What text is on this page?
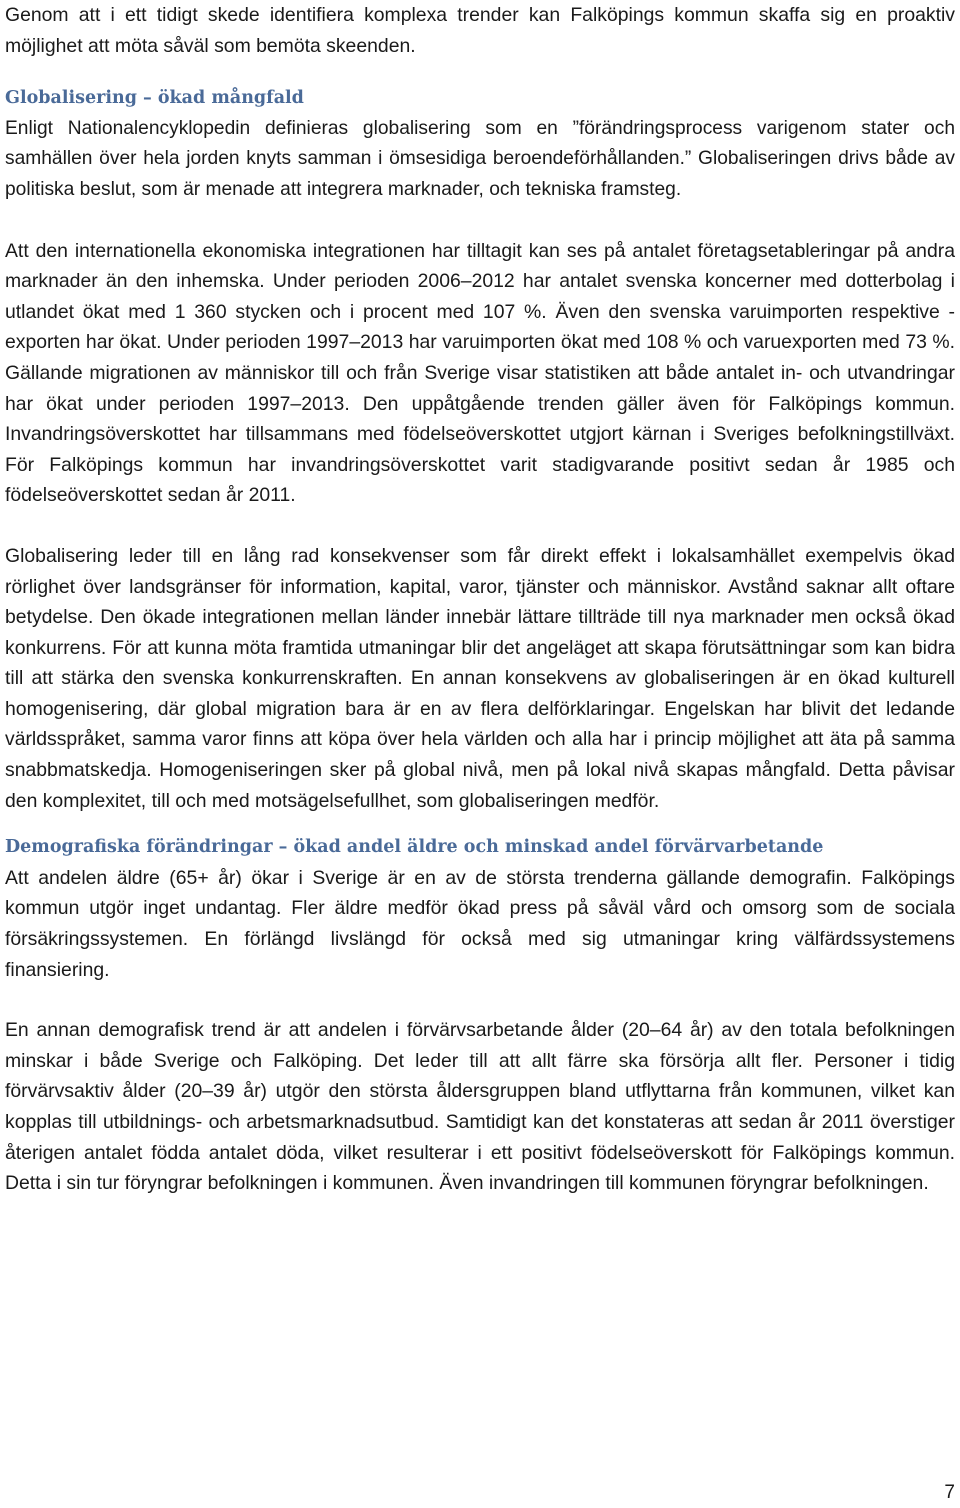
Genom att i ett tidigt skede identifiera komplexa trender kan Falköpings kommun skaffa sig en proaktiv möjlighet att möta såväl som bemöta skeenden.

Globalisering – ökad mångfald

Enligt Nationalencyklopedin definieras globalisering som en ”förändringsprocess varigenom stater och samhällen över hela jorden knyts samman i ömsesidiga beroendeförhållanden.” Globaliseringen drivs både av politiska beslut, som är menade att integrera marknader, och tekniska framsteg.

Att den internationella ekonomiska integrationen har tilltagit kan ses på antalet företagsetableringar på andra marknader än den inhemska. Under perioden 2006–2012 har antalet svenska koncerner med dotterbolag i utlandet ökat med 1 360 stycken och i procent med 107 %. Även den svenska varuimporten respektive -exporten har ökat. Under perioden 1997–2013 har varuimporten ökat med 108 % och varuexporten med 73 %. Gällande migrationen av människor till och från Sverige visar statistiken att både antalet in- och utvandringar har ökat under perioden 1997–2013. Den uppåtgående trenden gäller även för Falköpings kommun. Invandringsöverskottet har tillsammans med födelseöverskottet utgjort kärnan i Sveriges befolkningstillväxt. För Falköpings kommun har invandringsöverskottet varit stadigvarande positivt sedan år 1985 och födelseöverskottet sedan år 2011.

Globalisering leder till en lång rad konsekvenser som får direkt effekt i lokalsamhället exempelvis ökad rörlighet över landsgränser för information, kapital, varor, tjänster och människor. Avstånd saknar allt oftare betydelse. Den ökade integrationen mellan länder innebär lättare tillträde till nya marknader men också ökad konkurrens. För att kunna möta framtida utmaningar blir det angeläget att skapa förutsättningar som kan bidra till att stärka den svenska konkurrenskraften. En annan konsekvens av globaliseringen är en ökad kulturell homogenisering, där global migration bara är en av flera delförklaringar. Engelskan har blivit det ledande världsspråket, samma varor finns att köpa över hela världen och alla har i princip möjlighet att äta på samma snabbmatskedja. Homogeniseringen sker på global nivå, men på lokal nivå skapas mångfald. Detta påvisar den komplexitet, till och med motsägelsefullhet, som globaliseringen medför.

Demografiska förändringar – ökad andel äldre och minskad andel förvärvarbetande

Att andelen äldre (65+ år) ökar i Sverige är en av de största trenderna gällande demografin. Falköpings kommun utgör inget undantag. Fler äldre medför ökad press på såväl vård och omsorg som de sociala försäkringssystemen. En förlängd livslängd för också med sig utmaningar kring välfärdssystemens finansiering.

En annan demografisk trend är att andelen i förvärvsarbetande ålder (20–64 år) av den totala befolkningen minskar i både Sverige och Falköping. Det leder till att allt färre ska försörja allt fler. Personer i tidig förvärvsaktiv ålder (20–39 år) utgör den största åldersgruppen bland utflyttarna från kommunen, vilket kan kopplas till utbildnings- och arbetsmarknadsutbud. Samtidigt kan det konstateras att sedan år 2011 överstiger återigen antalet födda antalet döda, vilket resulterar i ett positivt födelseöverskott för Falköpings kommun. Detta i sin tur föryngrar befolkningen i kommunen. Även invandringen till kommunen föryngrar befolkningen.

7
